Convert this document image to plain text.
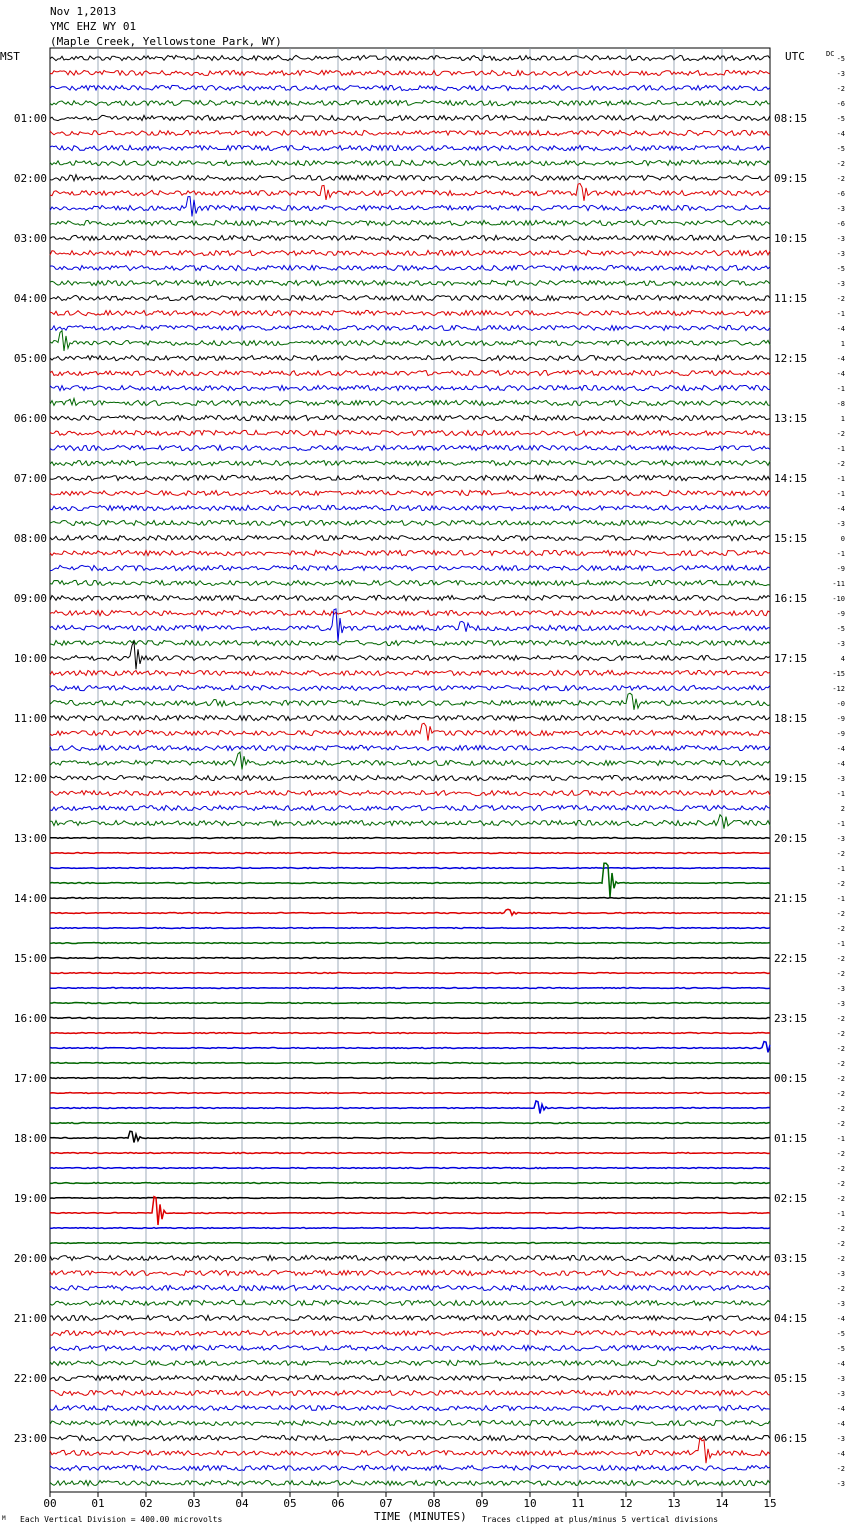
Nov 1,2013
YMC EHZ WY 01
(Maple Creek, Yellowstone Park, WY)
MST	UTC	DC
00	01	02	03	04	05	06	07	08	09	10	11	12	13	14	15
-5
-3
-2
-6
-5
-4
-5
-2
-2
-6
-3
-6
-3
-3
-5
-3
-2
-1
-4
1
-4
-4
-1
-8
1
-2
-1
-2
-1
-1
-4
-3
0
-1
-9
-11
-10
-9
-5
-3
4
-15
-12
-0
-9
-9
-4
-4
-3
-1
2
-1
-3
-2
-1
-2
-1
-2
-2
-1
-2
-2
-3
-3
-2
-2
-2
-2
-2
-2
-2
-2
-1
-2
-2
-2
-2
-1
-2
-2
-2
-3
-2
-3
-4
-5
-5
-4
-3
-3
-4
-4
-3
-4
-2
-3
01:00
02:00
03:00
04:00
05:00
06:00
07:00
08:00
09:00
10:00
11:00
12:00
13:00
14:00
15:00
16:00
17:00
18:00
19:00
20:00
21:00
22:00
23:00
08:15
09:15
10:15
11:15
12:15
13:15
14:15
15:15
16:15
17:15
18:15
19:15
20:15
21:15
22:15
23:15
00:15
01:15
02:15
03:15
04:15
05:15
06:15
TIME (MINUTES)
M Each Vertical Division = 400.00 microvolts	Traces clipped at plus/minus 5 vertical divisions
